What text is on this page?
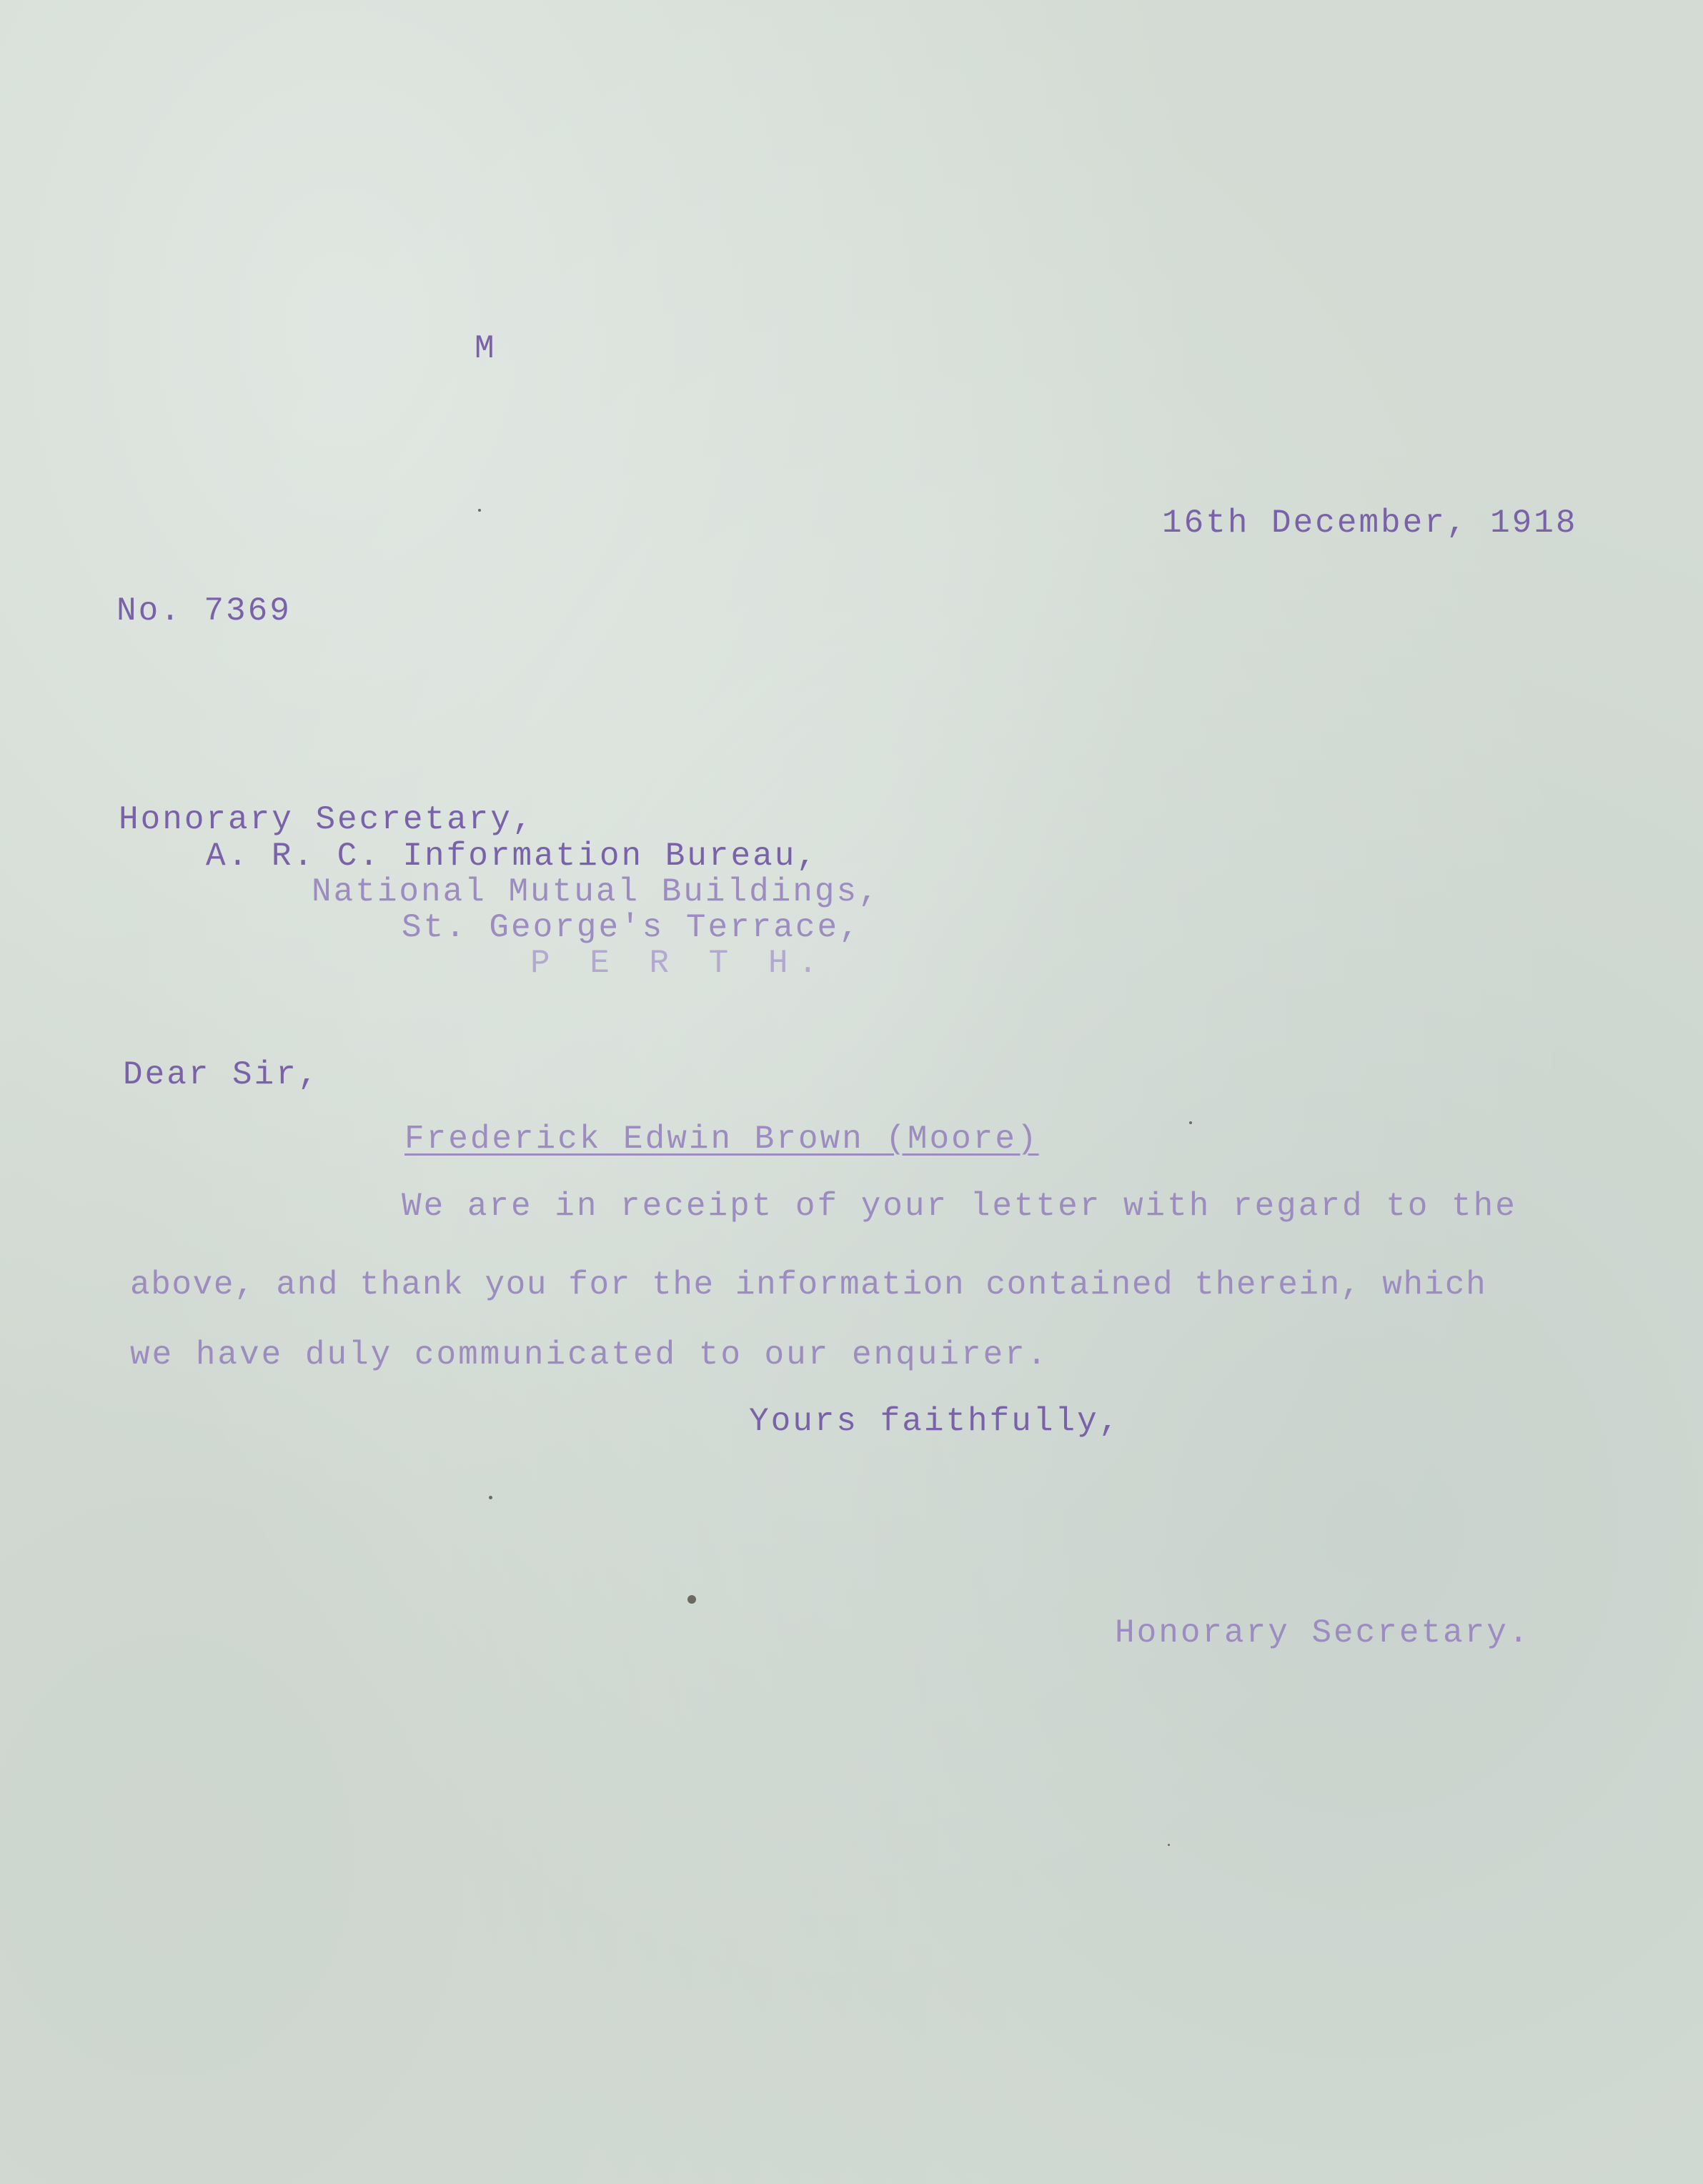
M
16th December, 1918
No. 7369
Honorary Secretary,
A. R. C. Information Bureau,
National Mutual Buildings,
St. George's Terrace,
P E R T H.
Dear Sir,
Frederick Edwin Brown (Moore)
We are in receipt of your letter with regard to the
above, and thank you for the information contained therein, which
we have duly communicated to our enquirer.
Yours faithfully,
Honorary Secretary.
